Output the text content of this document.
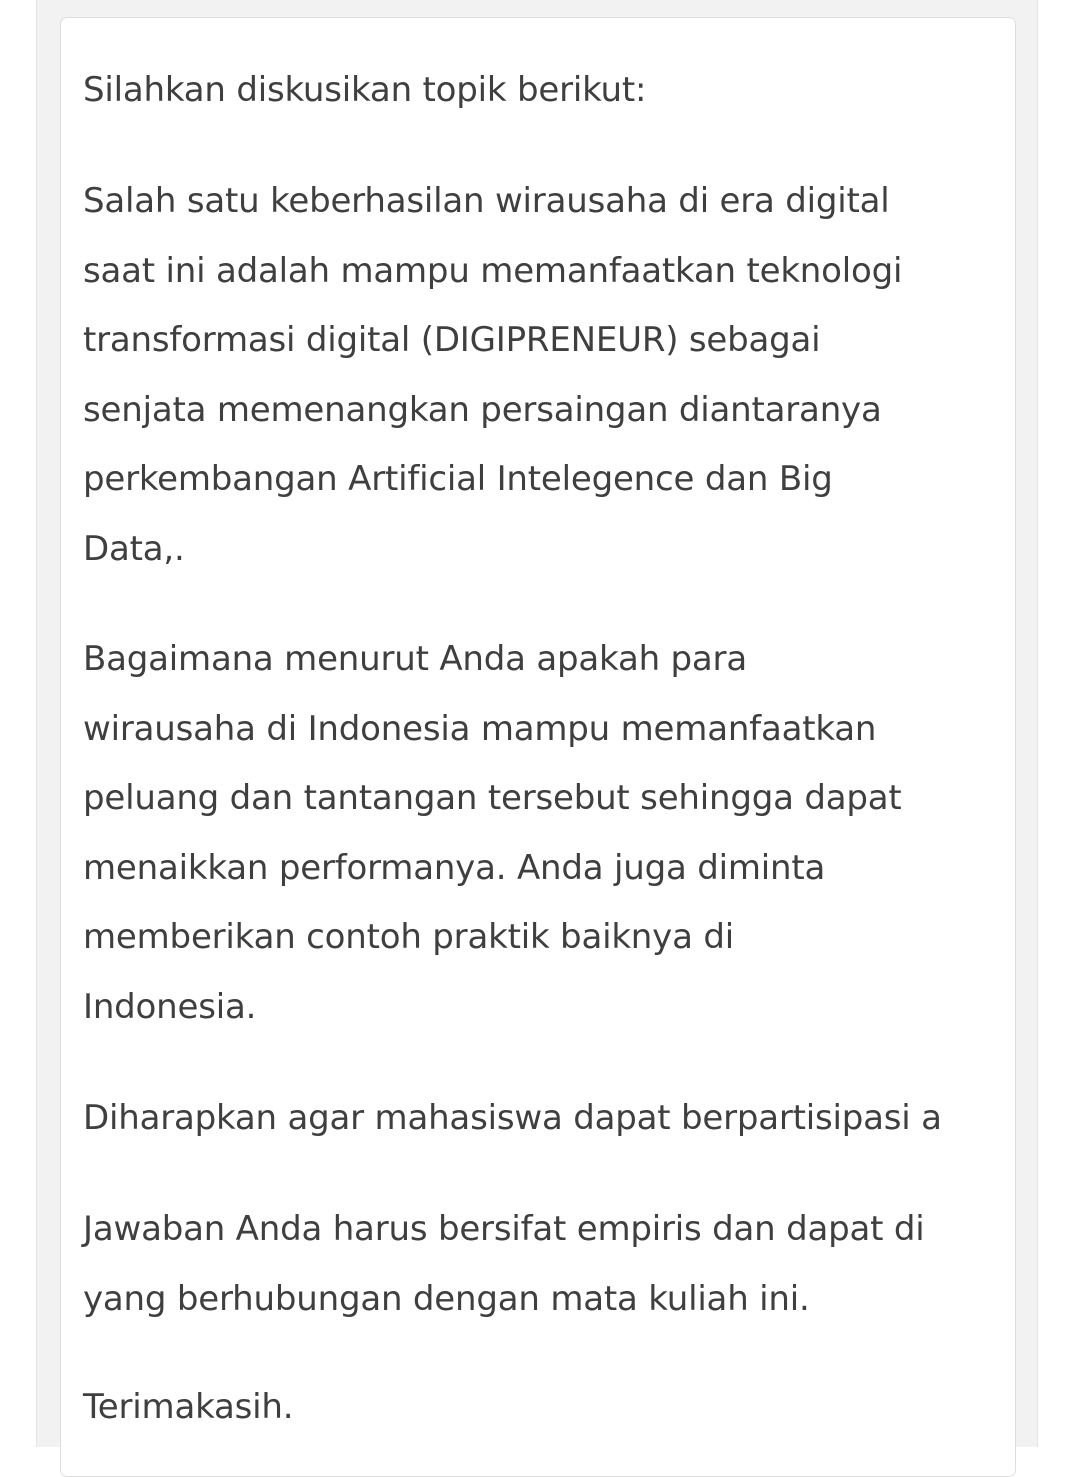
Silahkan diskusikan topik berikut:

Salah satu keberhasilan wirausaha di era digital
saat ini adalah mampu memanfaatkan teknologi
transformasi digital (DIGIPRENEUR) sebagai
senjata memenangkan persaingan diantaranya
perkembangan Artificial Intelegence dan Big
Data,.

Bagaimana menurut Anda apakah para
wirausaha di Indonesia mampu memanfaatkan
peluang dan tantangan tersebut sehingga dapat
menaikkan performanya. Anda juga diminta
memberikan contoh praktik baiknya di
Indonesia.

Diharapkan agar mahasiswa dapat berpartisipasi a

Jawaban Anda harus bersifat empiris dan dapat di
yang berhubungan dengan mata kuliah ini.

Terimakasih.
